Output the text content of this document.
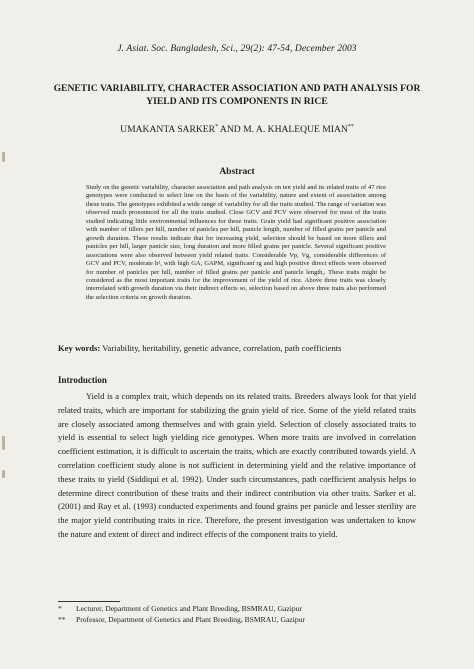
J. Asiat. Soc. Bangladesh, Sci., 29(2): 47-54, December 2003
GENETIC VARIABILITY, CHARACTER ASSOCIATION AND PATH ANALYSIS FOR YIELD AND ITS COMPONENTS IN RICE
UMAKANTA SARKER* AND M. A. KHALEQUE MIAN**
Abstract
Study on the genetic variability, character association and path analysis on ten yield and its related traits of 47 rice genotypes were conducted to select line on the basis of the variability, nature and extent of association among these traits. The genotypes exhibited a wide range of variability for all the traits studied. The range of variation was observed much pronounced for all the traits studied. Close GCV and PCV were observed for most of the traits studied indicating little environmental influences for these traits. Grain yield had significant positive association with number of tillers per hill, number of panicles per hill, panicle length, number of filled grains per panicle and growth duration. These results indicate that for increasing yield, selection should be based on more tillers and panicles per hill, larger panicle size, long duration and more filled grains per panicle. Several significant positive associations were also observed between yield related traits. Considerable Vp, Vg, considerable differences of GCV and PCV, moderate h², with high GA, GAPM, significant rg and high positive direct effects were observed for number of panicles per hill, number of filled grains per panicle and panicle length,. These traits might be considered as the most important traits for the improvement of the yield of rice. Above three traits was closely interrelated with growth duration via their indirect effects so, selection based on above three traits also performed the selection criteria on growth duration.
Key words: Variability, heritability, genetic advance, correlation, path coefficients
Introduction
Yield is a complex trait, which depends on its related traits. Breeders always look for that yield related traits, which are important for stabilizing the grain yield of rice. Some of the yield related traits are closely associated among themselves and with grain yield. Selection of closely associated traits to yield is essential to select high yielding rice genotypes. When more traits are involved in correlation coefficient estimation, it is difficult to ascertain the traits, which are exactly contributed towards yield. A correlation coefficient study alone is not sufficient in determining yield and the relative importance of these traits to yield (Siddiqui et al. 1992). Under such circumstances, path coefficient analysis helps to determine direct contribution of these traits and their indirect contribution via other traits. Sarker et al. (2001) and Ray et al. (1993) conducted experiments and found grains per panicle and lesser sterility are the major yield contributing traits in rice. Therefore, the present investigation was undertaken to know the nature and extent of direct and indirect effects of the component traits to yield.
* Lecturer, Department of Genetics and Plant Breeding, BSMRAU, Gazipur
** Professor, Department of Genetics and Plant Breeding, BSMRAU, Gazipur
